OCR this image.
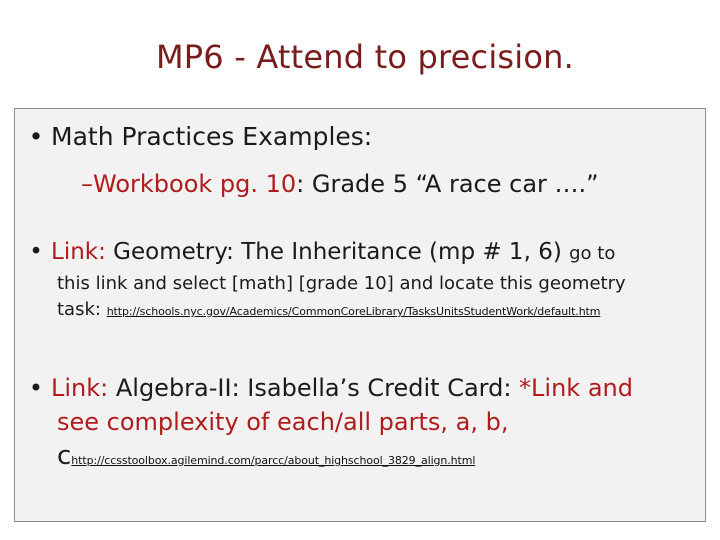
MP6 - Attend to precision.
• Math Practices Examples:
–Workbook pg. 10: Grade 5 “A race car ….”
• Link: Geometry: The Inheritance (mp # 1, 6) go to
this link and select [math] [grade 10] and locate this geometry
task: http://schools.nyc.gov/Academics/CommonCoreLibrary/TasksUnitsStudentWork/default.htm
• Link: Algebra-II: Isabella’s Credit Card: *Link and
see complexity of each/all parts, a, b,
chttp://ccsstoolbox.agilemind.com/parcc/about_highschool_3829_align.html
